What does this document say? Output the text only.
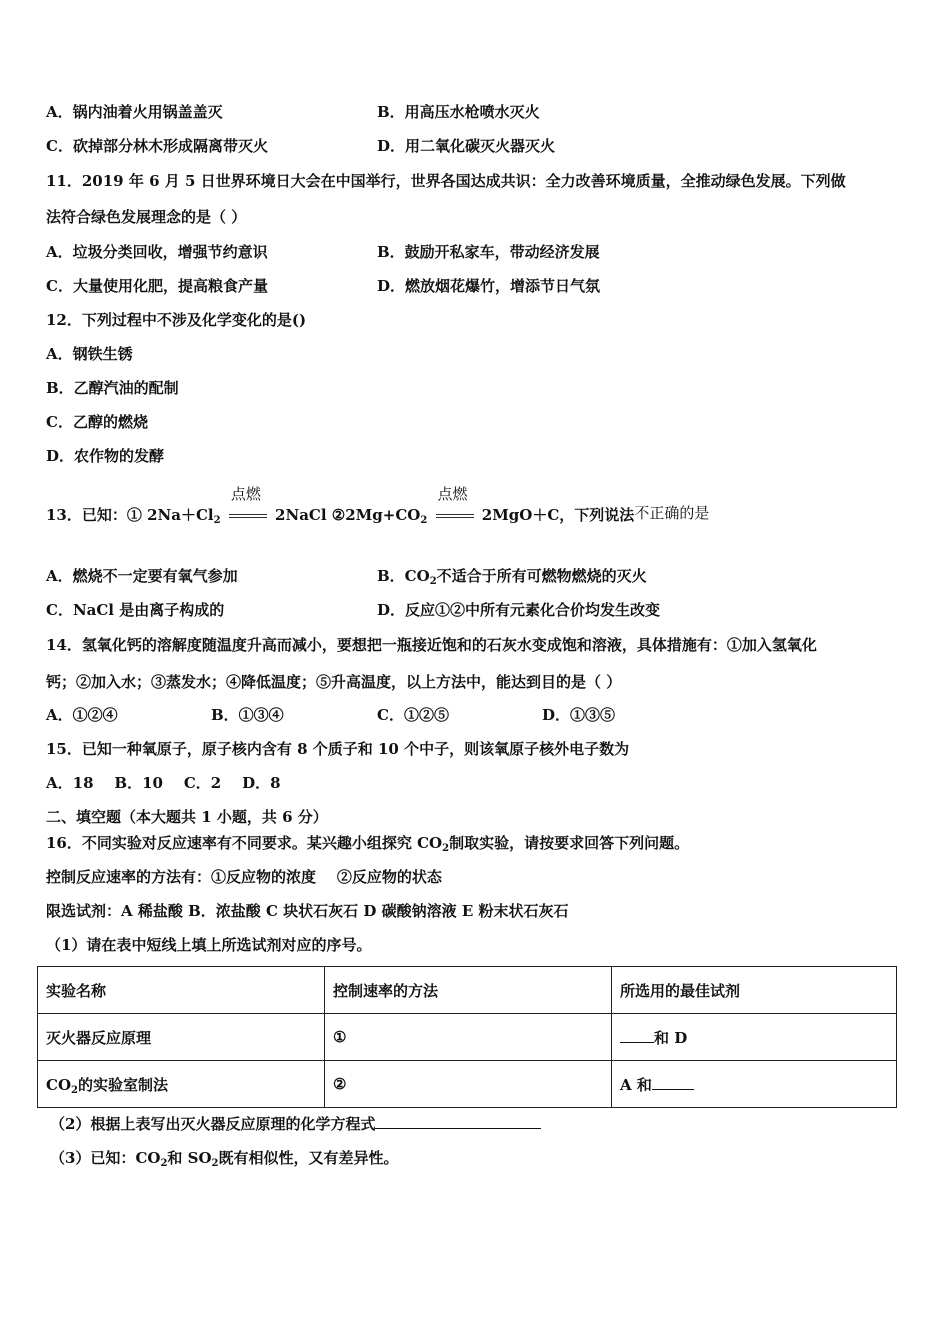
A．锅内油着火用锅盖盖灭	B．用高压水枪喷水灭火
C．砍掉部分林木形成隔离带灭火	D．用二氧化碳灭火器灭火
11．2019 年 6 月 5 日世界环境日大会在中国举行，世界各国达成共识：全力改善环境质量，全推动绿色发展。下列做
法符合绿色发展理念的是（ ）
A．垃圾分类回收，增强节约意识	B．鼓励开私家车，带动经济发展
C．大量使用化肥，提高粮食产量	D．燃放烟花爆竹，增添节日气氛
12．下列过程中不涉及化学变化的是()
A．钢铁生锈
B．乙醇汽油的配制
C．乙醇的燃烧
D．农作物的发酵
13．已知：① $2Na+Cl_2$
点燃
2NaCl $②2Mg+CO_2$
点燃
2MgO＋C，下列说法不正确的是
A．燃烧不一定要有氧气参加	B．$CO_2$不适合于所有可燃物燃烧的灭火
C．NaCl 是由离子构成的	D．反应①②中所有元素化合价均发生改变
14．氢氧化钙的溶解度随温度升高而减小，要想把一瓶接近饱和的石灰水变成饱和溶液，具体措施有：①加入氢氧化
钙；②加入水；③蒸发水；④降低温度；⑤升高温度，以上方法中，能达到目的是（ ）
A．①②④	B．①③④	C．①②⑤	D．①③⑤
15．已知一种氧原子，原子核内含有 8 个质子和 10 个中子，则该氧原子核外电子数为
A．18    B．10    C．2    D．8
二、填空题（本大题共 1 小题，共 6 分）
16．不同实验对反应速率有不同要求。某兴趣小组探究 $CO_2$制取实验，请按要求回答下列问题。
控制反应速率的方法有：①反应物的浓度    ②反应物的状态
限选试剂：A 稀盐酸 B．浓盐酸 C 块状石灰石 D 碳酸钠溶液 E 粉末状石灰石
（1）请在表中短线上填上所选试剂对应的序号。
实验名称	控制速率的方法	所选用的最佳试剂
灭火器反应原理	①	和 D
$CO_2$的实验室制法	②	A 和
（2）根据上表写出灭火器反应原理的化学方程式
（3）已知：$CO_2$和 $SO_2$既有相似性，又有差异性。
